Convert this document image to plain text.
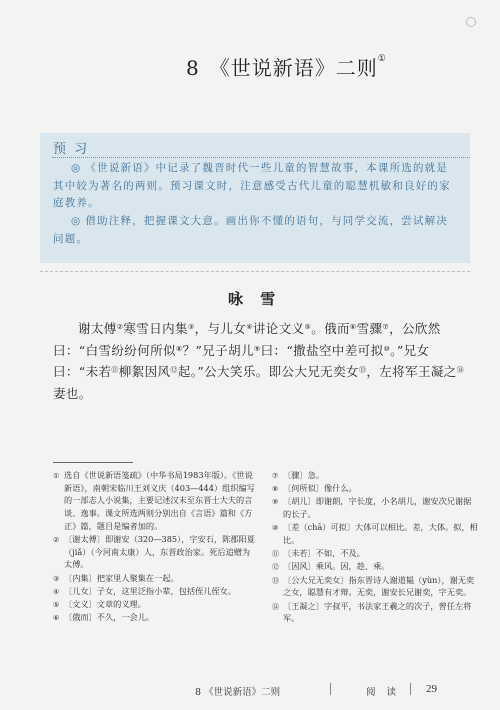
8 《世说新语》二则①
预 习
◎ 《世说新语》中记录了魏晋时代一些儿童的智慧故事，本课所选的就是其中较为著名的两则。预习课文时，注意感受古代儿童的聪慧机敏和良好的家庭教养。
◎ 借助注释，把握课文大意。画出你不懂的语句，与同学交流，尝试解决问题。
咏 雪
谢太傅②寒雪日内集③，与儿女④讲论文义⑤。俄而⑥雪骤⑦，公欣然曰：“白雪纷纷何所似⑧？”兄子胡儿⑨曰：“撒盐空中差可拟⑩。”兄女曰：“未若⑪柳絮因风⑫起。”公大笑乐。即公大兄无奕女⑬，左将军王凝之⑭妻也。
① 选自《世说新语笺疏》（中华书局1983年版）。《世说新语》，南朝宋临川王刘义庆（403—444）组织编写的一部志人小说集，主要记述汉末至东晋士大夫的言谈、逸事。课文所选两则分别出自《言语》篇和《方正》篇，题目是编者加的。
② 〔谢太傅〕即谢安（320—385），字安石，陈郡阳夏（jiǎ）（今河南太康）人，东晋政治家。死后追赠为太傅。
③ 〔内集〕把家里人聚集在一起。
④ 〔儿女〕子女，这里泛指小辈，包括侄儿侄女。
⑤ 〔文义〕文章的义理。
⑥ 〔俄而〕不久，一会儿。
⑦ 〔骤〕急。
⑧ 〔何所似〕像什么。
⑨ 〔胡儿〕即谢朗，字长度，小名胡儿，谢安次兄谢据的长子。
⑩ 〔差（chā）可拟〕大体可以相比。差，大体。拟，相比。
⑪ 〔未若〕不如，不及。
⑫ 〔因风〕乘风。因，趁、乘。
⑬ 〔公大兄无奕女〕指东晋诗人谢道韫（yùn），谢无奕之女，聪慧有才辩。无奕，谢安长兄谢奕，字无奕。
⑭ 〔王凝之〕字叔平，书法家王羲之的次子，曾任左将军。
8 《世说新语》二则	阅 读 29
